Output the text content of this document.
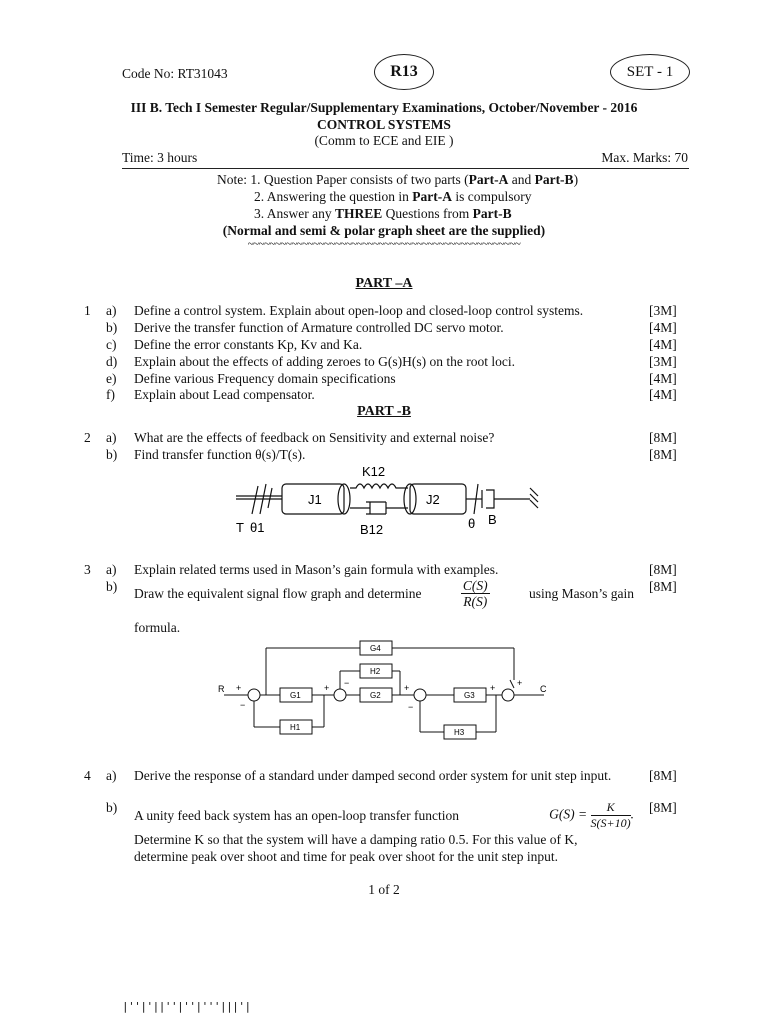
Code No: RT31043	R13	SET - 1
III B. Tech I Semester Regular/Supplementary Examinations, October/November - 2016
CONTROL SYSTEMS
(Comm to ECE and EIE )
Time: 3 hours	Max. Marks: 70
Note: 1. Question Paper consists of two parts (Part-A and Part-B)
2. Answering the question in Part-A is compulsory
3. Answer any THREE Questions from Part-B
(Normal and semi & polar graph sheet are the supplied)
~~~~~~~~~~~~~~~~~~~~~~~~~~~~~~~~~~~~~~~~~~~~~~~~~~
PART –A
1 a) Define a control system. Explain about open-loop and closed-loop control systems.	[3M]
b) Derive the transfer function of Armature controlled DC servo motor.	[4M]
c) Define the error constants Kp, Kv and Ka.	[4M]
d) Explain about the effects of adding zeroes to G(s)H(s) on the root loci.	[3M]
e) Define various Frequency domain specifications	[4M]
f) Explain about Lead compensator.	[4M]
PART -B
2 a) What are the effects of feedback on Sensitivity and external noise?	[8M]
b) Find transfer function θ(s)/T(s).	[8M]
K12
J1	J2
T θ1	B12	θ B
3 a) Explain related terms used in Mason’s gain formula with examples.	[8M]
b)	[8M]
Draw the equivalent signal flow graph and determine	$\frac{C(S)}{R(S)}$	using Mason’s gain
formula.
R	C
G1	G2	G3
G4
H1
H2
H3
+
−
+ −	+
−
+ +
4 a) Derive the response of a standard under damped second order system for unit step input.	[8M]
b)	[8M]
A unity feed back system has an open-loop transfer function	$G(S) = \frac{K}{S(S+10)}$ .
Determine K so that the system will have a damping ratio 0.5. For this value of K, determine peak over shoot and time for peak over shoot for the unit step input.
1 of 2
|''|'||''|''|'''|||'|
